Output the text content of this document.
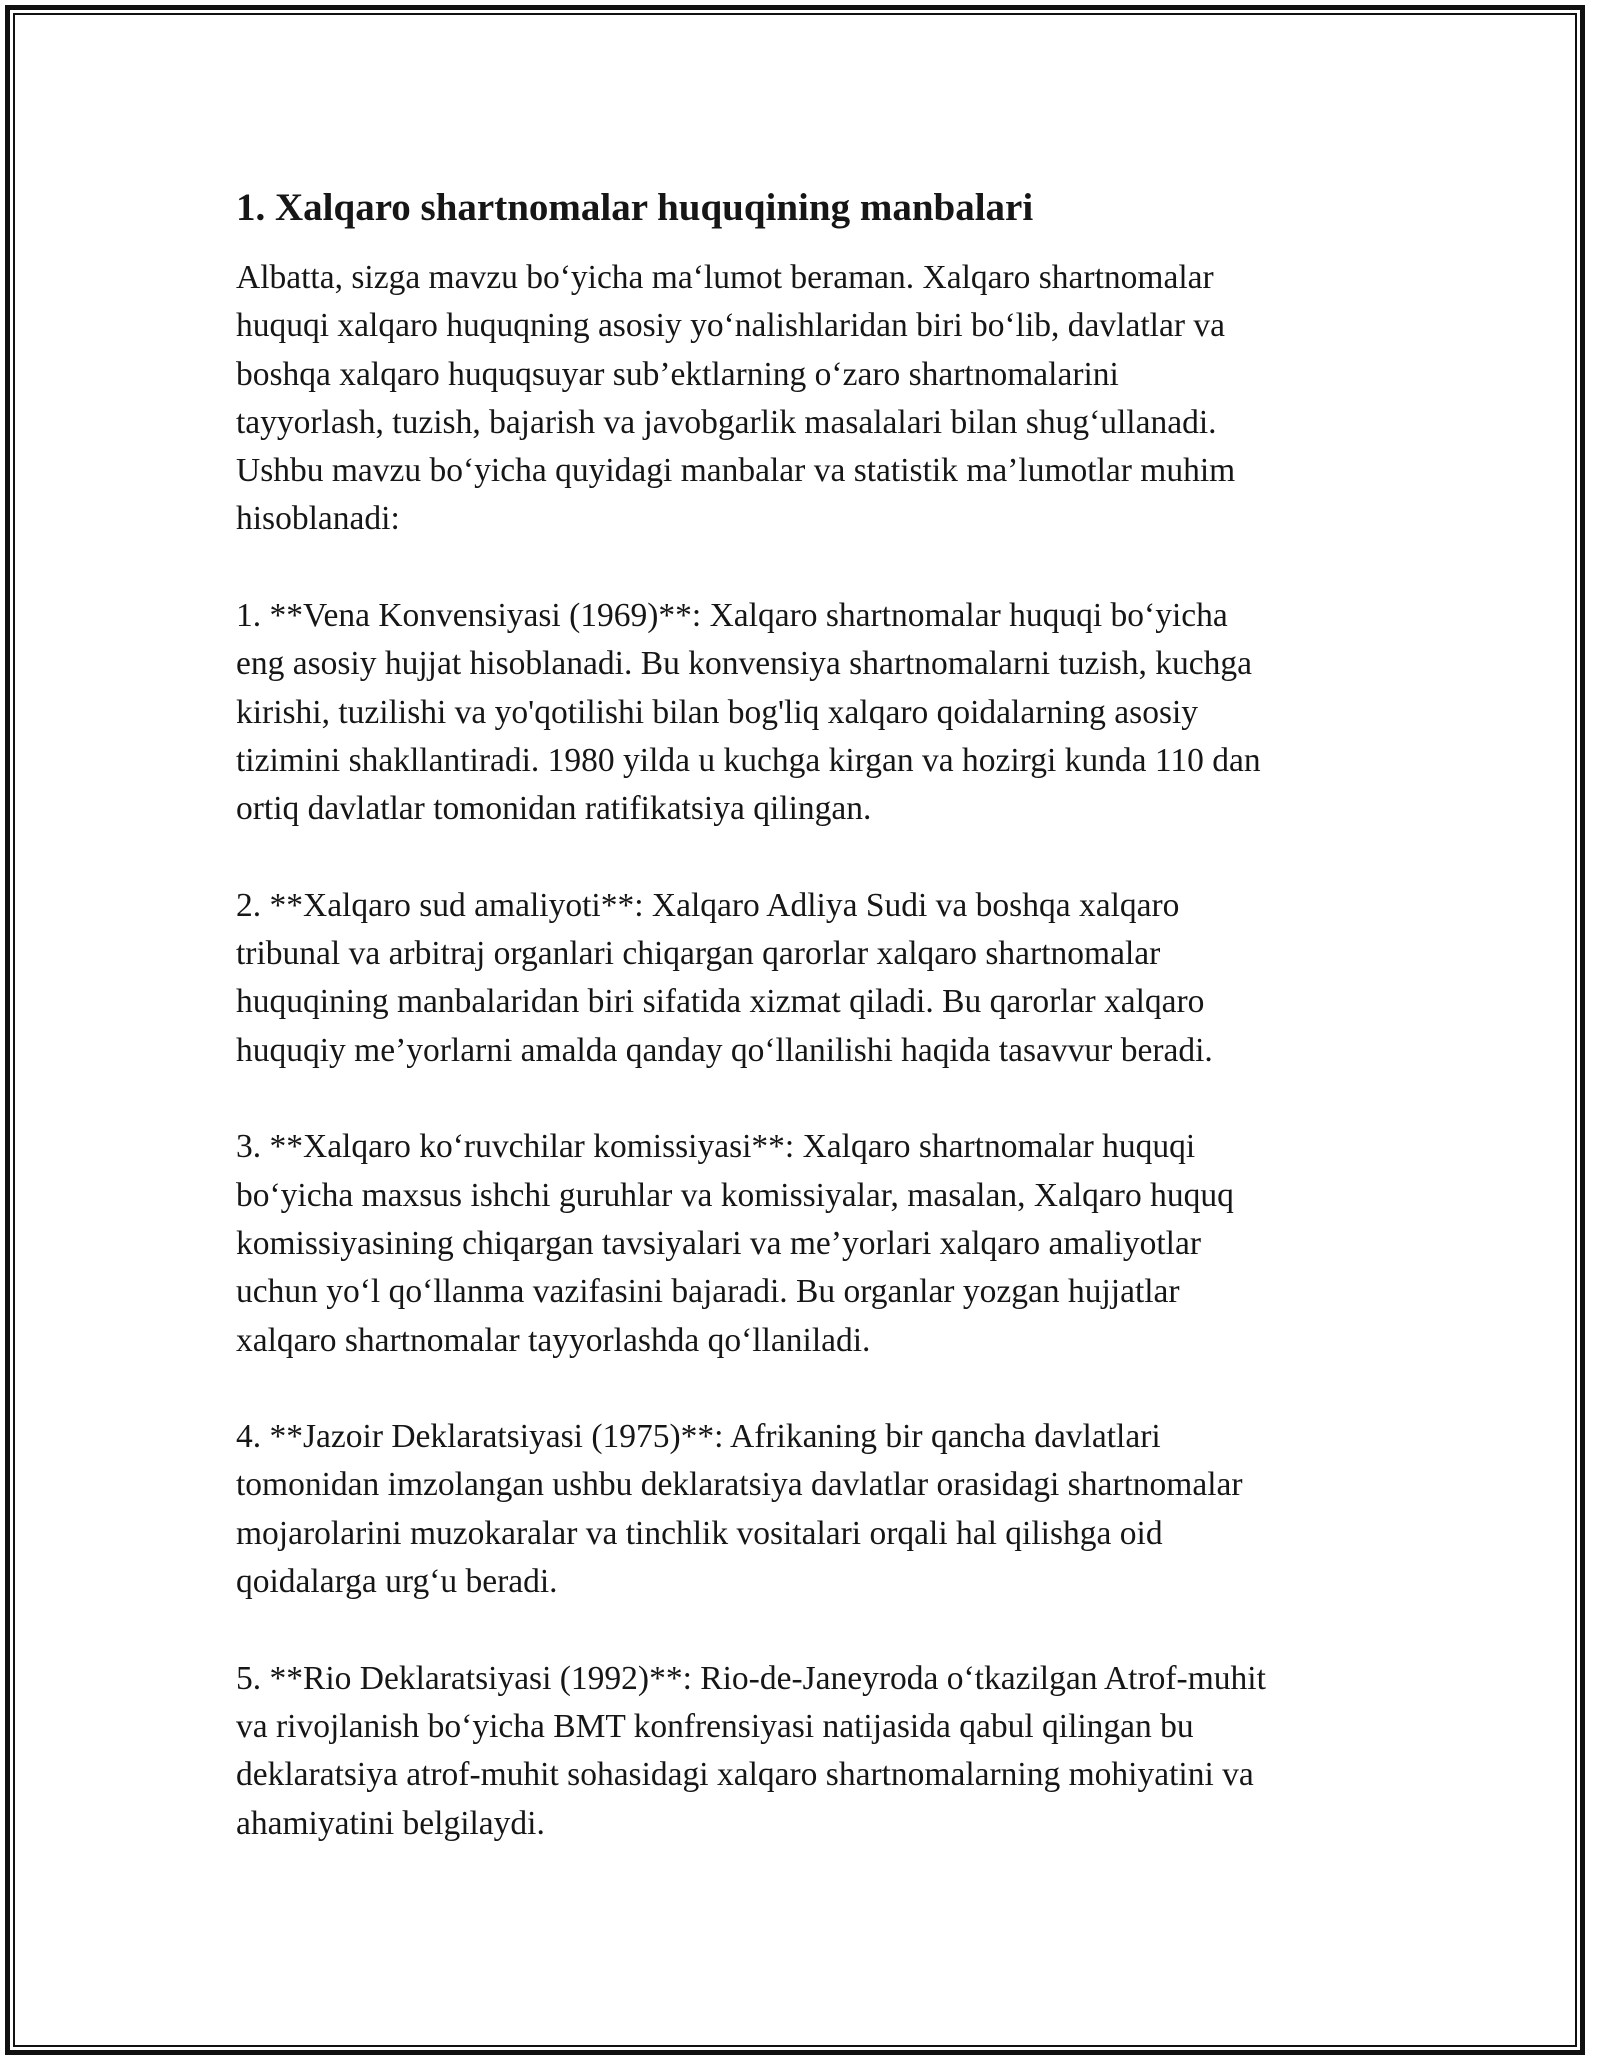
1. Xalqaro shartnomalar huquqining manbalari

Albatta, sizga mavzu bo‘yicha ma‘lumot beraman. Xalqaro shartnomalar
huquqi xalqaro huquqning asosiy yo‘nalishlaridan biri bo‘lib, davlatlar va
boshqa xalqaro huquqsuyar sub’ektlarning o‘zaro shartnomalarini
tayyorlash, tuzish, bajarish va javobgarlik masalalari bilan shug‘ullanadi.
Ushbu mavzu bo‘yicha quyidagi manbalar va statistik ma’lumotlar muhim
hisoblanadi:

1. **Vena Konvensiyasi (1969)**: Xalqaro shartnomalar huquqi bo‘yicha
eng asosiy hujjat hisoblanadi. Bu konvensiya shartnomalarni tuzish, kuchga
kirishi, tuzilishi va yo'qotilishi bilan bog'liq xalqaro qoidalarning asosiy
tizimini shakllantiradi. 1980 yilda u kuchga kirgan va hozirgi kunda 110 dan
ortiq davlatlar tomonidan ratifikatsiya qilingan.

2. **Xalqaro sud amaliyoti**: Xalqaro Adliya Sudi va boshqa xalqaro
tribunal va arbitraj organlari chiqargan qarorlar xalqaro shartnomalar
huquqining manbalaridan biri sifatida xizmat qiladi. Bu qarorlar xalqaro
huquqiy me’yorlarni amalda qanday qo‘llanilishi haqida tasavvur beradi.

3. **Xalqaro ko‘ruvchilar komissiyasi**: Xalqaro shartnomalar huquqi
bo‘yicha maxsus ishchi guruhlar va komissiyalar, masalan, Xalqaro huquq
komissiyasining chiqargan tavsiyalari va me’yorlari xalqaro amaliyotlar
uchun yo‘l qo‘llanma vazifasini bajaradi. Bu organlar yozgan hujjatlar
xalqaro shartnomalar tayyorlashda qo‘llaniladi.

4. **Jazoir Deklaratsiyasi (1975)**: Afrikaning bir qancha davlatlari
tomonidan imzolangan ushbu deklaratsiya davlatlar orasidagi shartnomalar
mojarolarini muzokaralar va tinchlik vositalari orqali hal qilishga oid
qoidalarga urg‘u beradi.

5. **Rio Deklaratsiyasi (1992)**: Rio-de-Janeyroda o‘tkazilgan Atrof-muhit
va rivojlanish bo‘yicha BMT konfrensiyasi natijasida qabul qilingan bu
deklaratsiya atrof-muhit sohasidagi xalqaro shartnomalarning mohiyatini va
ahamiyatini belgilaydi.
